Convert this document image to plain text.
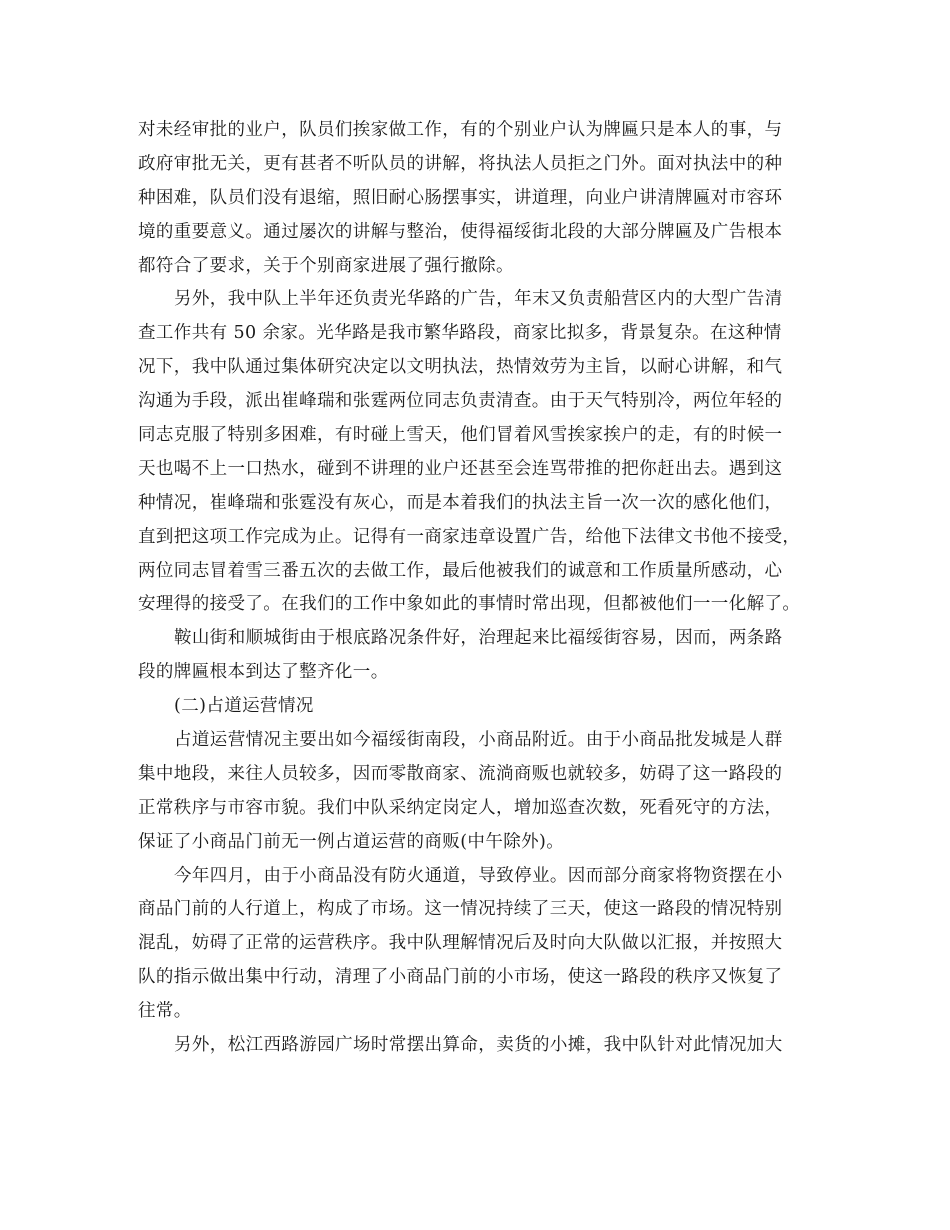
对未经审批的业户，队员们挨家做工作，有的个别业户认为牌匾只是本人的事，与
政府审批无关，更有甚者不听队员的讲解，将执法人员拒之门外。面对执法中的种
种困难，队员们没有退缩，照旧耐心肠摆事实，讲道理，向业户讲清牌匾对市容环
境的重要意义。通过屡次的讲解与整治，使得福绥街北段的大部分牌匾及广告根本
都符合了要求，关于个别商家进展了强行撤除。
另外，我中队上半年还负责光华路的广告，年末又负责船营区内的大型广告清
查工作共有 50 余家。光华路是我市繁华路段，商家比拟多，背景复杂。在这种情
况下，我中队通过集体研究决定以文明执法，热情效劳为主旨，以耐心讲解，和气
沟通为手段，派出崔峰瑞和张霆两位同志负责清查。由于天气特别冷，两位年轻的
同志克服了特别多困难，有时碰上雪天，他们冒着风雪挨家挨户的走，有的时候一
天也喝不上一口热水，碰到不讲理的业户还甚至会连骂带推的把你赶出去。遇到这
种情况，崔峰瑞和张霆没有灰心，而是本着我们的执法主旨一次一次的感化他们，
直到把这项工作完成为止。记得有一商家违章设置广告，给他下法律文书他不接受，
两位同志冒着雪三番五次的去做工作，最后他被我们的诚意和工作质量所感动，心
安理得的接受了。在我们的工作中象如此的事情时常出现，但都被他们一一化解了。
鞍山街和顺城街由于根底路况条件好，治理起来比福绥街容易，因而，两条路
段的牌匾根本到达了整齐化一。
(二)占道运营情况
占道运营情况主要出如今福绥街南段，小商品附近。由于小商品批发城是人群
集中地段，来往人员较多，因而零散商家、流淌商贩也就较多，妨碍了这一路段的
正常秩序与市容市貌。我们中队采纳定岗定人，增加巡查次数，死看死守的方法，
保证了小商品门前无一例占道运营的商贩(中午除外)。
今年四月，由于小商品没有防火通道，导致停业。因而部分商家将物资摆在小
商品门前的人行道上，构成了市场。这一情况持续了三天，使这一路段的情况特别
混乱，妨碍了正常的运营秩序。我中队理解情况后及时向大队做以汇报，并按照大
队的指示做出集中行动，清理了小商品门前的小市场，使这一路段的秩序又恢复了
往常。
另外，松江西路游园广场时常摆出算命，卖货的小摊，我中队针对此情况加大
